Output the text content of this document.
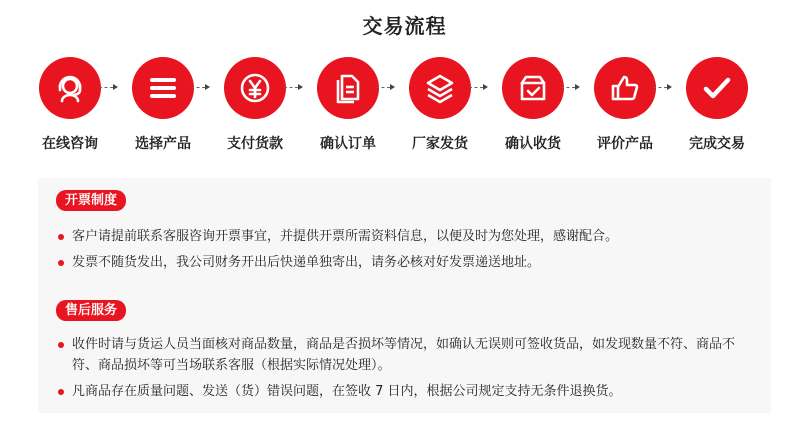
交易流程
在线咨询	选择产品	支付货款	确认订单	厂家发货	确认收货	评价产品	完成交易
开票制度
客户请提前联系客服咨询开票事宜，并提供开票所需资料信息，以便及时为您处理，感谢配合。
发票不随货发出，我公司财务开出后快递单独寄出，请务必核对好发票递送地址。
售后服务
收件时请与货运人员当面核对商品数量，商品是否损坏等情况，如确认无误则可签收货品，如发现数量不符、商品不符、商品损坏等可当场联系客服（根据实际情况处理）。
凡商品存在质量问题、发送（货）错误问题，在签收 7 日内，根据公司规定支持无条件退换货。
